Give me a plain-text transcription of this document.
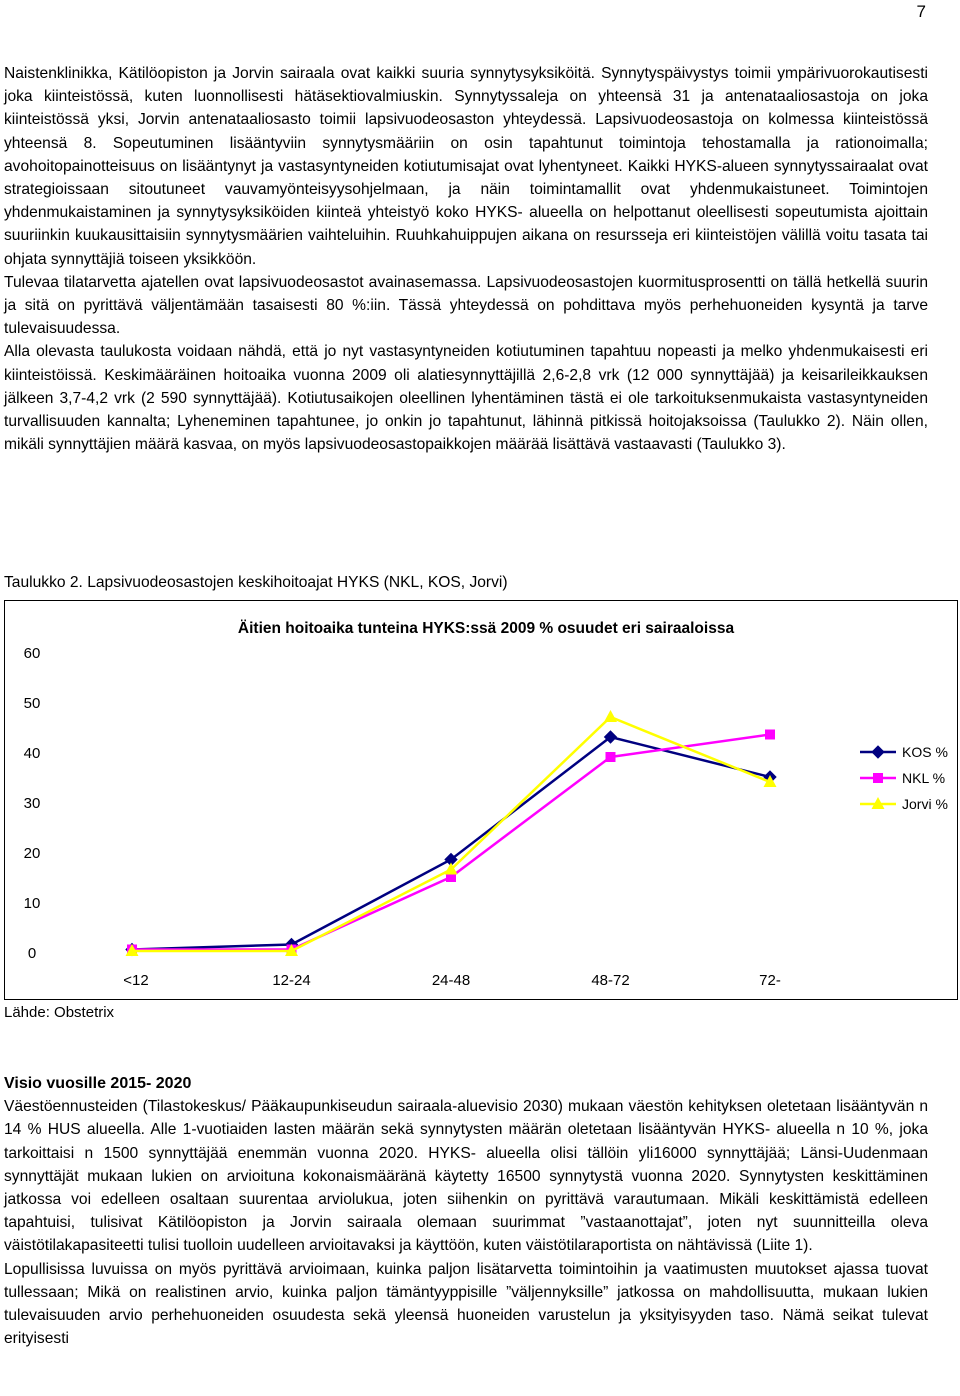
7

Naistenklinikka, Kätilöopiston ja Jorvin sairaala ovat kaikki suuria synnytysyksiköitä. Synnytyspäivystys toimii ympärivuorokautisesti joka kiinteistössä, kuten luonnollisesti hätäsektiovalmiuskin. Synnytyssaleja on yhteensä 31 ja antenataaliosastoja on joka kiinteistössä yksi, Jorvin antenataaliosasto toimii lapsivuodeosaston yhteydessä. Lapsivuodeosastoja on kolmessa kiinteistössä yhteensä 8. Sopeutuminen lisääntyviin synnytysmääriin on osin tapahtunut toimintoja tehostamalla ja rationoimalla; avohoitopainotteisuus on lisääntynyt ja vastasyntyneiden kotiutumisajat ovat lyhentyneet. Kaikki HYKS-alueen synnytyssairaalat ovat strategioissaan sitoutuneet vauvamyönteisyysohjelmaan, ja näin toimintamallit ovat yhdenmukaistuneet. Toimintojen yhdenmukaistaminen ja synnytysyksiköiden kiinteä yhteistyö koko HYKS- alueella on helpottanut oleellisesti sopeutumista ajoittain suuriinkin kuukausittaisiin synnytysmäärien vaihteluihin. Ruuhkahuippujen aikana on resursseja eri kiinteistöjen välillä voitu tasata tai ohjata synnyttäjiä toiseen yksikköön.

Tulevaa tilatarvetta ajatellen ovat lapsivuodeosastot avainasemassa. Lapsivuodeosastojen kuormitusprosentti on tällä hetkellä suurin ja sitä on pyrittävä väljentämään tasaisesti 80 %:iin. Tässä yhteydessä on pohdittava myös perhehuoneiden kysyntä ja tarve tulevaisuudessa.

Alla olevasta taulukosta voidaan nähdä, että jo nyt vastasyntyneiden kotiutuminen tapahtuu nopeasti ja melko yhdenmukaisesti eri kiinteistöissä. Keskimääräinen hoitoaika vuonna 2009 oli alatiesynnyttäjillä 2,6-2,8 vrk (12 000 synnyttäjää) ja keisarileikkauksen jälkeen 3,7-4,2 vrk (2 590 synnyttäjää). Kotiutusaikojen oleellinen lyhentäminen tästä ei ole tarkoituksenmukaista vastasyntyneiden turvallisuuden kannalta; Lyheneminen tapahtunee, jo onkin jo tapahtunut, lähinnä pitkissä hoitojaksoissa (Taulukko 2). Näin ollen, mikäli synnyttäjien määrä kasvaa, on myös lapsivuodeosastopaikkojen määrää lisättävä vastaavasti (Taulukko 3).

Taulukko 2. Lapsivuodeosastojen keskihoitoajat HYKS (NKL, KOS, Jorvi)
Äitien hoitoaika tunteina HYKS:ssä 2009 % osuudet eri sairaaloissa
0
10
20
30
40
50
60
<12	12-24	24-48	48-72	72-
KOS %
NKL %
Jorvi %
Lähde: Obstetrix

Visio vuosille 2015- 2020

Väestöennusteiden (Tilastokeskus/ Pääkaupunkiseudun sairaala-aluevisio 2030) mukaan väestön kehityksen oletetaan lisääntyvän n 14 % HUS alueella. Alle 1-vuotiaiden lasten määrän sekä synnytysten määrän oletetaan lisääntyvän HYKS- alueella n 10 %, joka tarkoittaisi n 1500 synnyttäjää enemmän vuonna 2020. HYKS- alueella olisi tällöin yli16000 synnyttäjää; Länsi-Uudenmaan synnyttäjät mukaan lukien on arvioituna kokonaismääränä käytetty 16500 synnytystä vuonna 2020. Synnytysten keskittäminen jatkossa voi edelleen osaltaan suurentaa arviolukua, joten siihenkin on pyrittävä varautumaan. Mikäli keskittämistä edelleen tapahtuisi, tulisivat Kätilöopiston ja Jorvin sairaala olemaan suurimmat ”vastaanottajat”, joten nyt suunnitteilla oleva väistötilakapasiteetti tulisi tuolloin uudelleen arvioitavaksi ja käyttöön, kuten väistötilaraportista on nähtävissä (Liite 1).

Lopullisissa luvuissa on myös pyrittävä arvioimaan, kuinka paljon lisätarvetta toimintoihin ja vaatimusten muutokset ajassa tuovat tullessaan; Mikä on realistinen arvio, kuinka paljon tämäntyyppisille ”väljennyksille” jatkossa on mahdollisuutta, mukaan lukien tulevaisuuden arvio perhehuoneiden osuudesta sekä yleensä huoneiden varustelun ja yksityisyyden taso. Nämä seikat tulevat erityisesti
